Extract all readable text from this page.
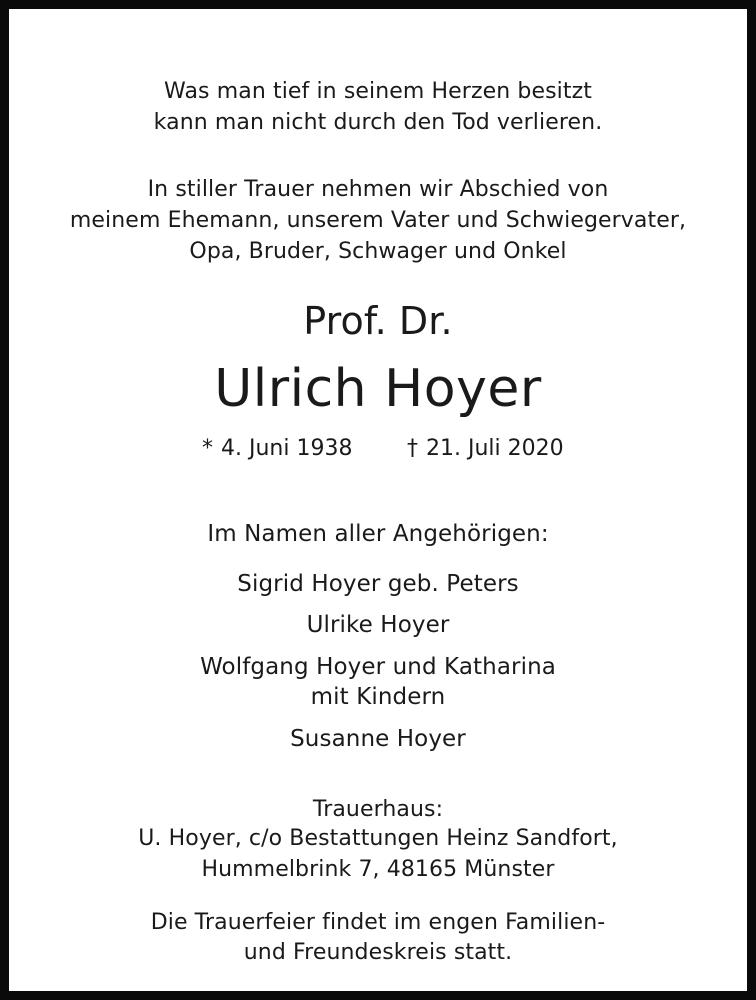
Was man tief in seinem Herzen besitzt
kann man nicht durch den Tod verlieren.
In stiller Trauer nehmen wir Abschied von
meinem Ehemann, unserem Vater und Schwiegervater,
Opa, Bruder, Schwager und Onkel
Prof. Dr.
Ulrich Hoyer
* 4. Juni 1938 † 21. Juli 2020
Im Namen aller Angehörigen:
Sigrid Hoyer geb. Peters
Ulrike Hoyer
Wolfgang Hoyer und Katharina
mit Kindern
Susanne Hoyer
Trauerhaus:
U. Hoyer, c/o Bestattungen Heinz Sandfort,
Hummelbrink 7, 48165 Münster
Die Trauerfeier findet im engen Familien-
und Freundeskreis statt.
